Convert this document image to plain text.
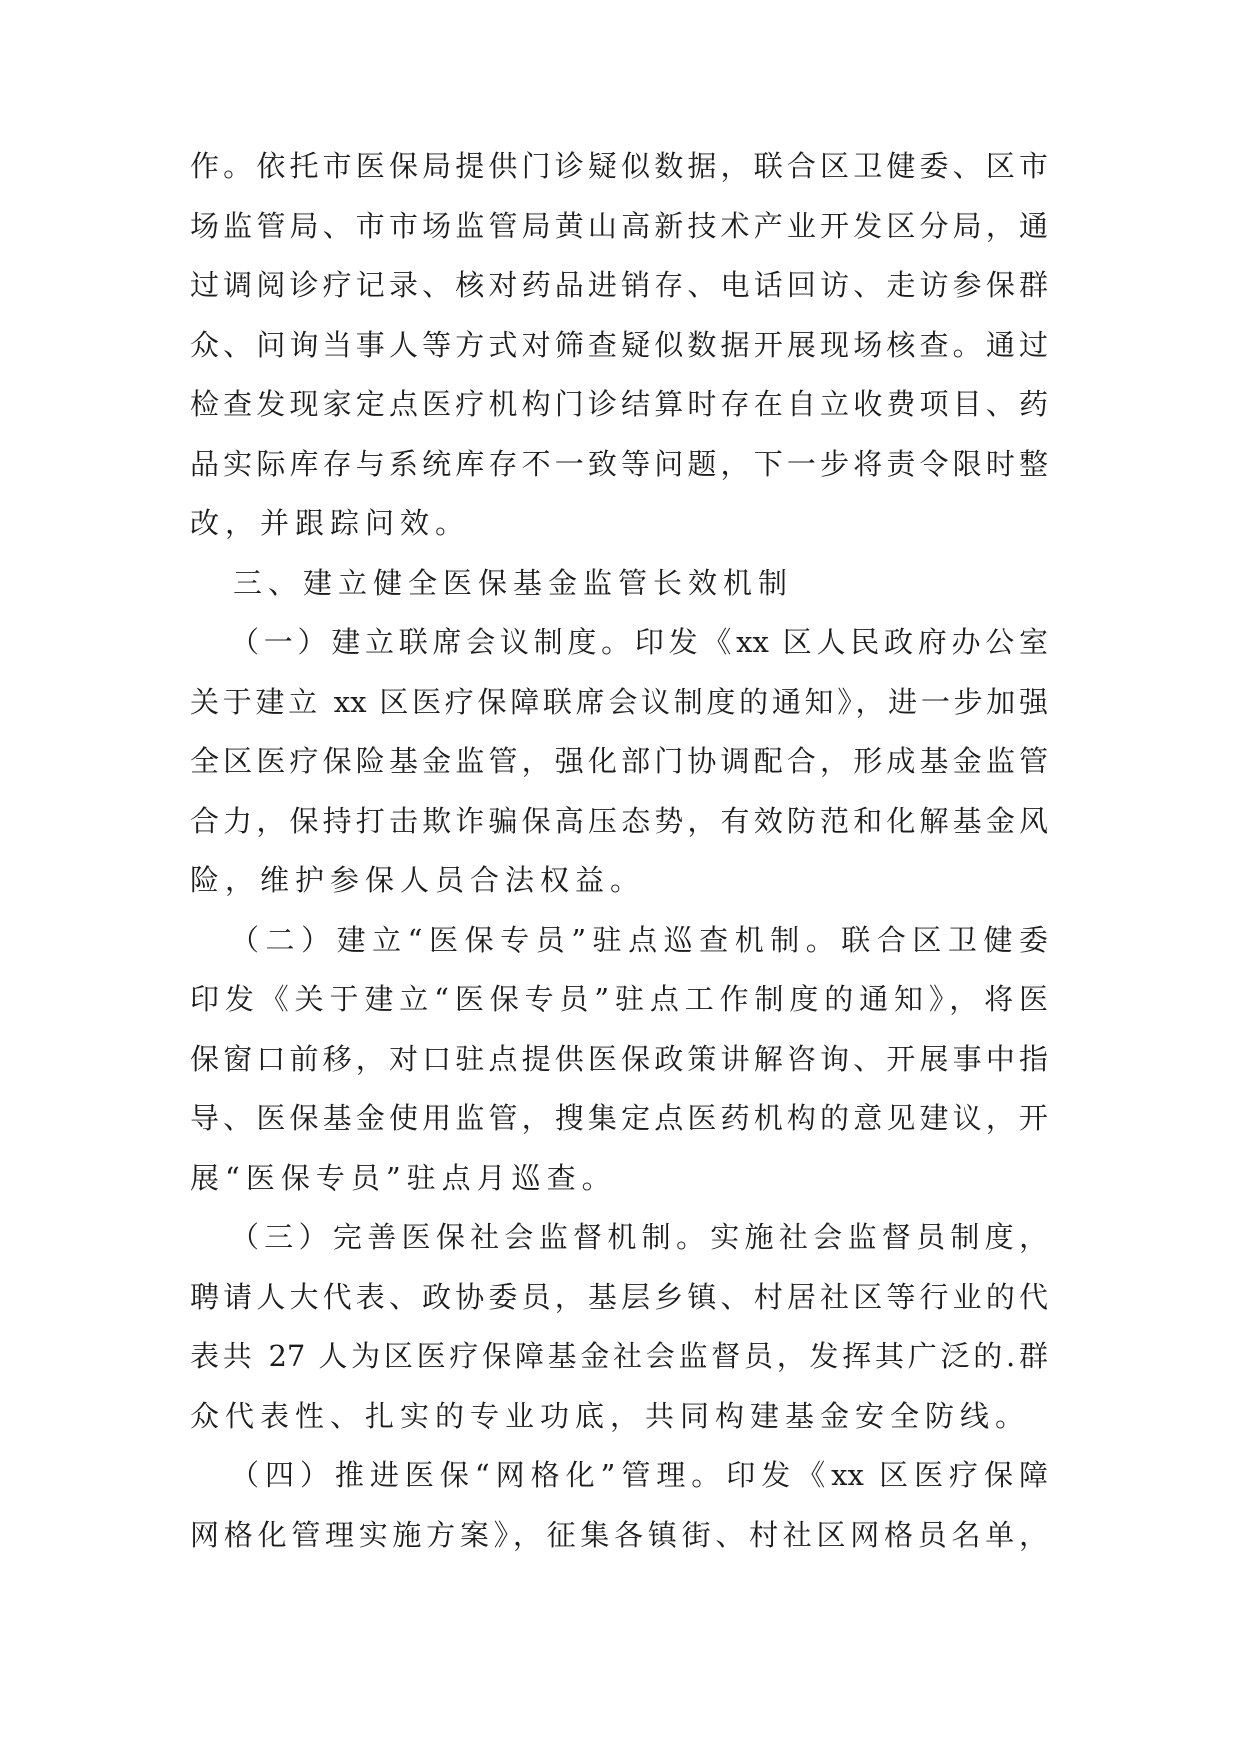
作。依托市医保局提供门诊疑似数据，联合区卫健委、区市
场监管局、市市场监管局黄山高新技术产业开发区分局，通
过调阅诊疗记录、核对药品进销存、电话回访、走访参保群
众、问询当事人等方式对筛查疑似数据开展现场核查。通过
检查发现家定点医疗机构门诊结算时存在自立收费项目、药
品实际库存与系统库存不一致等问题，下一步将责令限时整
改，并跟踪问效。
三、建立健全医保基金监管长效机制
（一）建立联席会议制度。印发《xx 区人民政府办公室
关于建立 xx 区医疗保障联席会议制度的通知》，进一步加强
全区医疗保险基金监管，强化部门协调配合，形成基金监管
合力，保持打击欺诈骗保高压态势，有效防范和化解基金风
险，维护参保人员合法权益。
（二）建立“医保专员”驻点巡查机制。联合区卫健委
印发《关于建立“医保专员”驻点工作制度的通知》，将医
保窗口前移，对口驻点提供医保政策讲解咨询、开展事中指
导、医保基金使用监管，搜集定点医药机构的意见建议，开
展“医保专员”驻点月巡查。
（三）完善医保社会监督机制。实施社会监督员制度，
聘请人大代表、政协委员，基层乡镇、村居社区等行业的代
表共 27 人为区医疗保障基金社会监督员，发挥其广泛的.群
众代表性、扎实的专业功底，共同构建基金安全防线。
（四）推进医保“网格化”管理。印发《xx 区医疗保障
网格化管理实施方案》，征集各镇街、村社区网格员名单，
